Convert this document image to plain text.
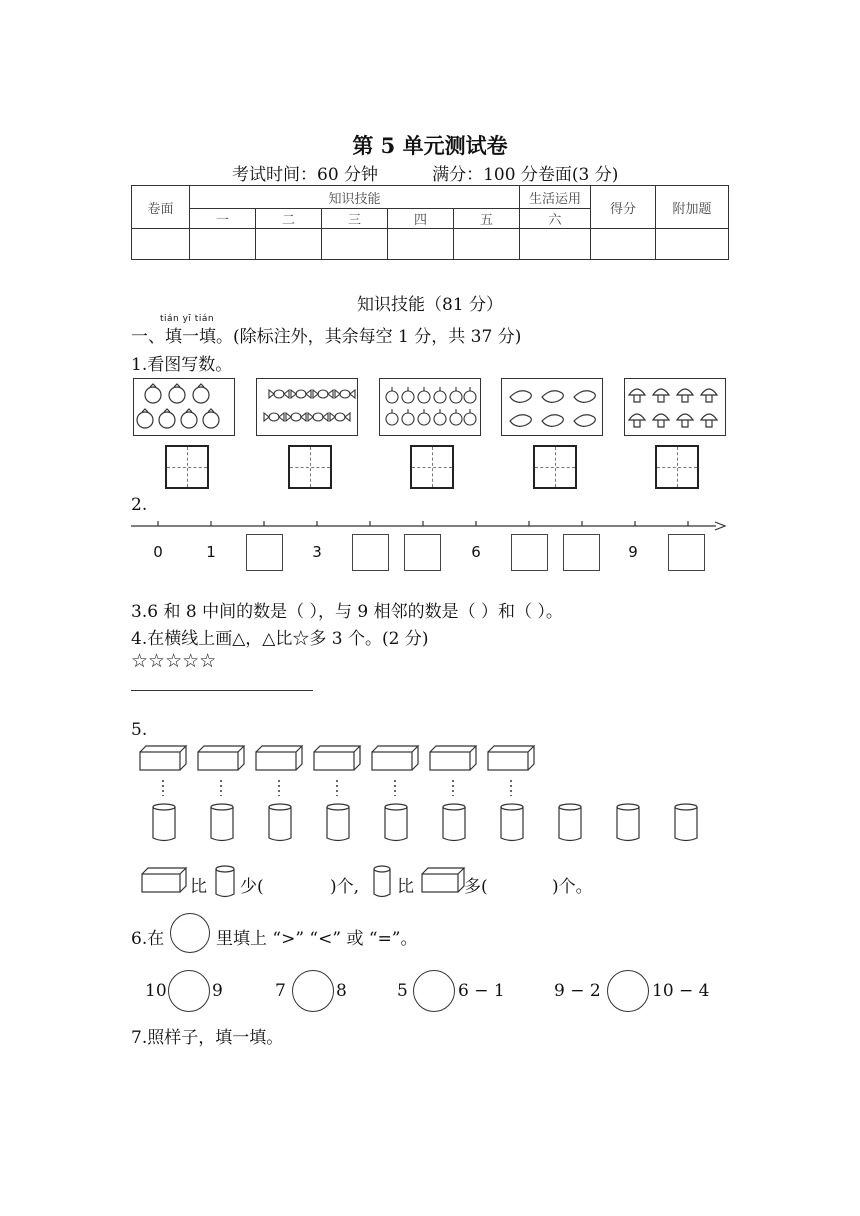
第 5 单元测试卷
考试时间：60 分钟          满分：100 分卷面(3 分)
卷面	知识技能					生活运用	得分	附加题
	一	二	三	四	五	六		

知识技能（81 分）
tián yī tián
一、填一填。(除标注外，其余每空 1 分，共 37 分)
1.看图写数。
2.
0	1	3	6	9
3.6 和 8 中间的数是（ ），与 9 相邻的数是（ ）和（ ）。
4.在横线上画△，△比☆多 3 个。(2 分)
☆☆☆☆☆
5.
比 少(	)个, 比	多(	)个。
6.在	里填上 “>” “<” 或 “=”。
10	9	7	8	5	6 − 1	9 − 2	10 − 4
7.照样子，填一填。
